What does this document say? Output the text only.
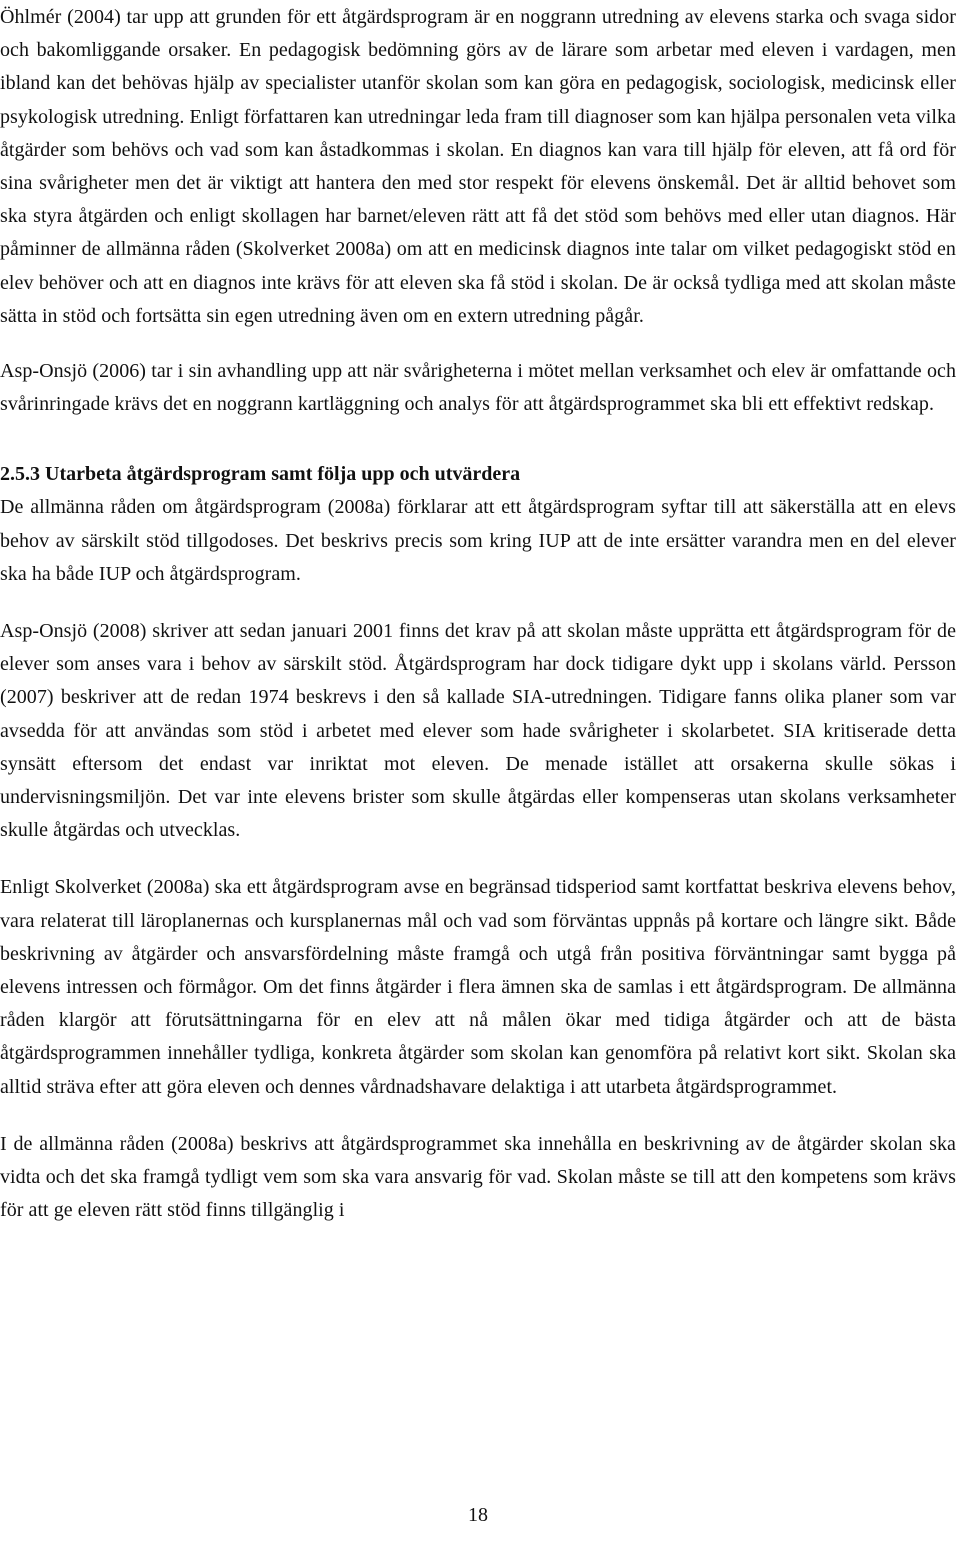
Öhlmér (2004) tar upp att grunden för ett åtgärdsprogram är en noggrann utredning av elevens starka och svaga sidor och bakomliggande orsaker. En pedagogisk bedömning görs av de lärare som arbetar med eleven i vardagen, men ibland kan det behövas hjälp av specialister utanför skolan som kan göra en pedagogisk, sociologisk, medicinsk eller psykologisk utredning. Enligt författaren kan utredningar leda fram till diagnoser som kan hjälpa personalen veta vilka åtgärder som behövs och vad som kan åstadkommas i skolan. En diagnos kan vara till hjälp för eleven, att få ord för sina svårigheter men det är viktigt att hantera den med stor respekt för elevens önskemål. Det är alltid behovet som ska styra åtgärden och enligt skollagen har barnet/eleven rätt att få det stöd som behövs med eller utan diagnos. Här påminner de allmänna råden (Skolverket 2008a) om att en medicinsk diagnos inte talar om vilket pedagogiskt stöd en elev behöver och att en diagnos inte krävs för att eleven ska få stöd i skolan. De är också tydliga med att skolan måste sätta in stöd och fortsätta sin egen utredning även om en extern utredning pågår.

Asp-Onsjö (2006) tar i sin avhandling upp att när svårigheterna i mötet mellan verksamhet och elev är omfattande och svårinringade krävs det en noggrann kartläggning och analys för att åtgärdsprogrammet ska bli ett effektivt redskap.

2.5.3 Utarbeta åtgärdsprogram samt följa upp och utvärdera

De allmänna råden om åtgärdsprogram (2008a) förklarar att ett åtgärdsprogram syftar till att säkerställa att en elevs behov av särskilt stöd tillgodoses. Det beskrivs precis som kring IUP att de inte ersätter varandra men en del elever ska ha både IUP och åtgärdsprogram.

Asp-Onsjö (2008) skriver att sedan januari 2001 finns det krav på att skolan måste upprätta ett åtgärdsprogram för de elever som anses vara i behov av särskilt stöd. Åtgärdsprogram har dock tidigare dykt upp i skolans värld. Persson (2007) beskriver att de redan 1974 beskrevs i den så kallade SIA-utredningen. Tidigare fanns olika planer som var avsedda för att användas som stöd i arbetet med elever som hade svårigheter i skolarbetet. SIA kritiserade detta synsätt eftersom det endast var inriktat mot eleven. De menade istället att orsakerna skulle sökas i undervisningsmiljön. Det var inte elevens brister som skulle åtgärdas eller kompenseras utan skolans verksamheter skulle åtgärdas och utvecklas.

Enligt Skolverket (2008a) ska ett åtgärdsprogram avse en begränsad tidsperiod samt kortfattat beskriva elevens behov, vara relaterat till läroplanernas och kursplanernas mål och vad som förväntas uppnås på kortare och längre sikt. Både beskrivning av åtgärder och ansvarsfördelning måste framgå och utgå från positiva förväntningar samt bygga på elevens intressen och förmågor. Om det finns åtgärder i flera ämnen ska de samlas i ett åtgärdsprogram. De allmänna råden klargör att förutsättningarna för en elev att nå målen ökar med tidiga åtgärder och att de bästa åtgärdsprogrammen innehåller tydliga, konkreta åtgärder som skolan kan genomföra på relativt kort sikt. Skolan ska alltid sträva efter att göra eleven och dennes vårdnadshavare delaktiga i att utarbeta åtgärdsprogrammet.

I de allmänna råden (2008a) beskrivs att åtgärdsprogrammet ska innehålla en beskrivning av de åtgärder skolan ska vidta och det ska framgå tydligt vem som ska vara ansvarig för vad. Skolan måste se till att den kompetens som krävs för att ge eleven rätt stöd finns tillgänglig i

18
